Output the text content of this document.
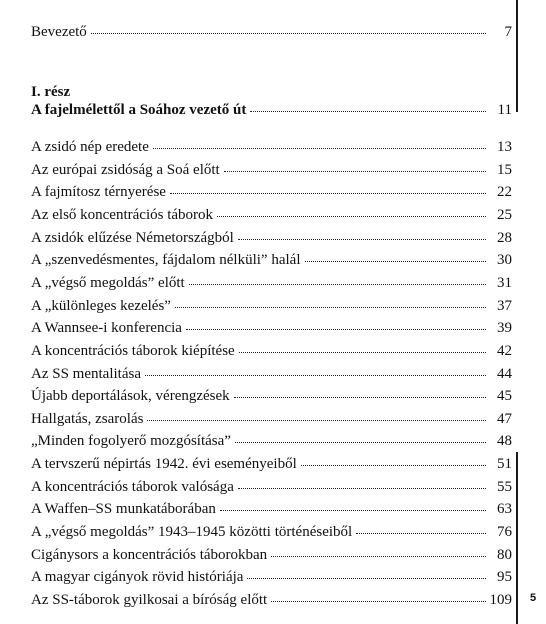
Bevezető	7
I. rész
A fajelmélettől a Soához vezető út	11
A zsidó nép eredete	13
Az európai zsidóság a Soá előtt	15
A fajmítosz térnyerése	22
Az első koncentrációs táborok	25
A zsidók elűzése Németországból	28
A „szenvedésmentes, fájdalom nélküli” halál	30
A „végső megoldás” előtt	31
A „különleges kezelés”	37
A Wannsee-i konferencia	39
A koncentrációs táborok kiépítése	42
Az SS mentalitása	44
Újabb deportálások, vérengzések	45
Hallgatás, zsarolás	47
„Minden fogolyerő mozgósítása”	48
A tervszerű népirtás 1942. évi eseményeiből	51
A koncentrációs táborok valósága	55
A Waffen–SS munkatáborában	63
A „végső megoldás” 1943–1945 közötti történéseiből	76
Cigánysors a koncentrációs táborokban	80
A magyar cigányok rövid históriája	95
Az SS-táborok gyilkosai a bíróság előtt	109 5
